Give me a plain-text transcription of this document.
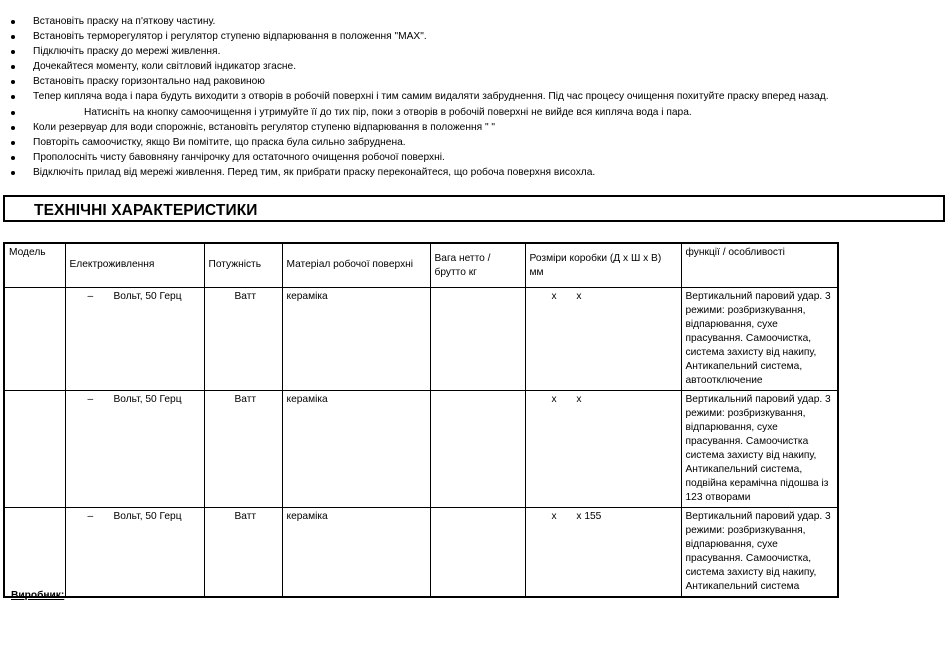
Встановіть праску на п'яткову частину.
Встановіть терморегулятор і регулятор ступеню відпарювання в положення "МАХ".
Підключіть праску до мережі живлення.
Дочекайтеся моменту, коли світловий індикатор згасне.
Встановіть праску горизонтально над раковиною
Тепер кипляча вода і пара будуть виходити з отворів в робочій поверхні і тим самим видаляти забруднення. Під час процесу очищення похитуйте праску вперед назад.
Натисніть на кнопку самоочищення і утримуйте її до тих пір, поки з отворів в робочій поверхні не вийде вся кипляча вода і пара.
Коли резервуар для води спорожніє, встановіть регулятор ступеню відпарювання в положення " "
Повторіть самоочистку, якщо Ви помітите, що праска була сильно забруднена.
Прополосніть чисту бавовняну ганчірочку для остаточного очищення робочої поверхні.
Відключіть прилад від мережі живлення. Перед тим, як прибрати праску переконайтеся, що робоча поверхня висохла.
ТЕХНІЧНІ ХАРАКТЕРИСТИКИ
Модель	Електроживлення	Потужність	Матеріал робочої поверхні	Вага нетто / брутто кг	Розміри коробки (Д х Ш х В) мм	функції / особливості
	– Вольт, 50 Герц	Ватт	кераміка		х       х	Вертикальний паровий удар. 3 режими: розбризкування, відпарювання, сухе прасування. Самоочистка, система захисту від накипу, Антикапельний система, автоотключение
	– Вольт, 50 Герц	Ватт	кераміка		х       х	Вертикальний паровий удар. 3 режими: розбризкування, відпарювання, сухе прасування. Самоочистка система захисту від накипу, Антикапельний система, подвійна керамічна підошва із 123 отворами
	– Вольт, 50 Герц	Ватт	кераміка		х       х 155	Вертикальний паровий удар. 3 режими: розбризкування, відпарювання, сухе прасування. Самоочистка, система захисту від накипу, Антикапельний система
Виробник:
